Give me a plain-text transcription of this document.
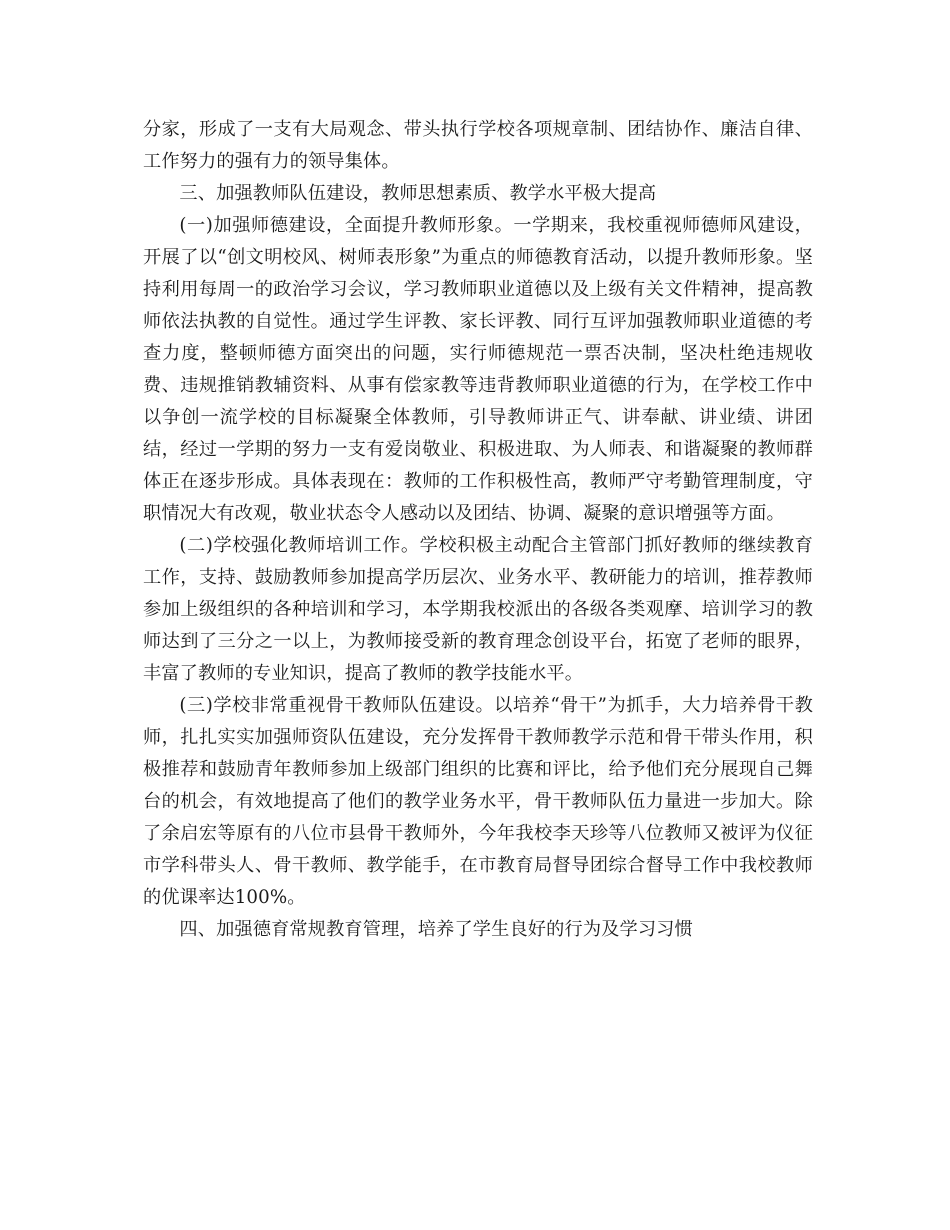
分家，形成了一支有大局观念、带头执行学校各项规章制、团结协作、廉洁自律、工作努力的强有力的领导集体。

三、加强教师队伍建设，教师思想素质、教学水平极大提高

(一)加强师德建设，全面提升教师形象。一学期来，我校重视师德师风建设，开展了以“创文明校风、树师表形象”为重点的师德教育活动，以提升教师形象。坚持利用每周一的政治学习会议，学习教师职业道德以及上级有关文件精神，提高教师依法执教的自觉性。通过学生评教、家长评教、同行互评加强教师职业道德的考查力度，整顿师德方面突出的问题，实行师德规范一票否决制，坚决杜绝违规收费、违规推销教辅资料、从事有偿家教等违背教师职业道德的行为，在学校工作中以争创一流学校的目标凝聚全体教师，引导教师讲正气、讲奉献、讲业绩、讲团结，经过一学期的努力一支有爱岗敬业、积极进取、为人师表、和谐凝聚的教师群体正在逐步形成。具体表现在：教师的工作积极性高，教师严守考勤管理制度，守职情况大有改观，敬业状态令人感动以及团结、协调、凝聚的意识增强等方面。

(二)学校强化教师培训工作。学校积极主动配合主管部门抓好教师的继续教育工作，支持、鼓励教师参加提高学历层次、业务水平、教研能力的培训，推荐教师参加上级组织的各种培训和学习，本学期我校派出的各级各类观摩、培训学习的教师达到了三分之一以上，为教师接受新的教育理念创设平台，拓宽了老师的眼界，丰富了教师的专业知识，提高了教师的教学技能水平。

(三)学校非常重视骨干教师队伍建设。以培养“骨干”为抓手，大力培养骨干教师，扎扎实实加强师资队伍建设，充分发挥骨干教师教学示范和骨干带头作用，积极推荐和鼓励青年教师参加上级部门组织的比赛和评比，给予他们充分展现自己舞台的机会，有效地提高了他们的教学业务水平，骨干教师队伍力量进一步加大。除了余启宏等原有的八位市县骨干教师外，今年我校李天珍等八位教师又被评为仪征市学科带头人、骨干教师、教学能手，在市教育局督导团综合督导工作中我校教师的优课率达100%。

四、加强德育常规教育管理，培养了学生良好的行为及学习习惯
